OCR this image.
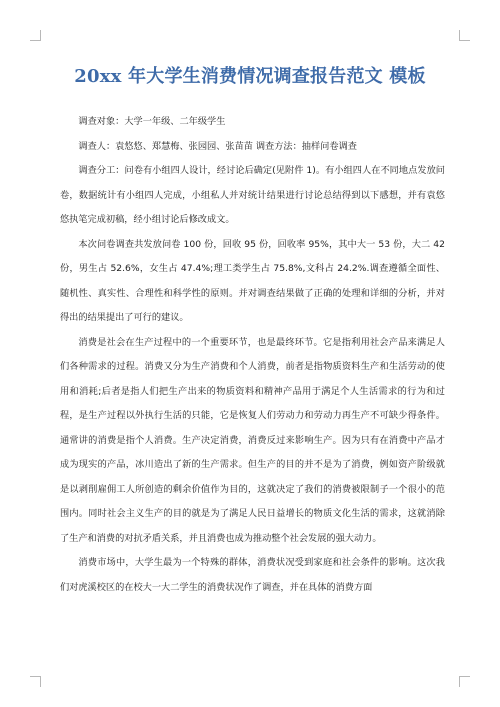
20xx 年大学生消费情况调查报告范文 模板

调查对象：大学一年级、二年级学生

调查人：袁悠悠、郑慧梅、张园园、张苗苗 调查方法：抽样问卷调查

调查分工：问卷有小组四人设计，经讨论后确定(见附件 1)。有小组四人在不同地点发放问卷，数据统计有小组四人完成，小组私人并对统计结果进行讨论总结得到以下感想，并有袁悠悠执笔完成初稿，经小组讨论后修改成文。

本次问卷调查共发放问卷 100 份，回收 95 份，回收率 95%，其中大一 53 份，大二 42 份，男生占 52.6%，女生占 47.4%;理工类学生占 75.8%,文科占 24.2%.调查遵循全面性、随机性、真实性、合理性和科学性的原则。并对调查结果做了正确的处理和详细的分析，并对得出的结果提出了可行的建议。

消费是社会在生产过程中的一个重要环节，也是最终环节。它是指利用社会产品来满足人们各种需求的过程。消费又分为生产消费和个人消费，前者是指物质资料生产和生活劳动的使用和消耗;后者是指人们把生产出来的物质资料和精神产品用于满足个人生活需求的行为和过程，是生产过程以外执行生活的只能，它是恢复人们劳动力和劳动力再生产不可缺少得条件。通常讲的消费是指个人消费。生产决定消费，消费反过来影响生产。因为只有在消费中产品才成为现实的产品，冰川造出了新的生产需求。但生产的目的并不是为了消费，例如资产阶级就是以剥削雇佣工人所创造的剩余价值作为目的，这就决定了我们的消费被限制子一个很小的范围内。同时社会主义生产的目的就是为了满足人民日益增长的物质文化生活的需求，这就消除了生产和消费的对抗矛盾关系，并且消费也成为推动整个社会发展的强大动力。

消费市场中，大学生最为一个特殊的群体，消费状况受到家庭和社会条件的影响。这次我们对虎溪校区的在校大一大二学生的消费状况作了调查，并在具体的消费方面
